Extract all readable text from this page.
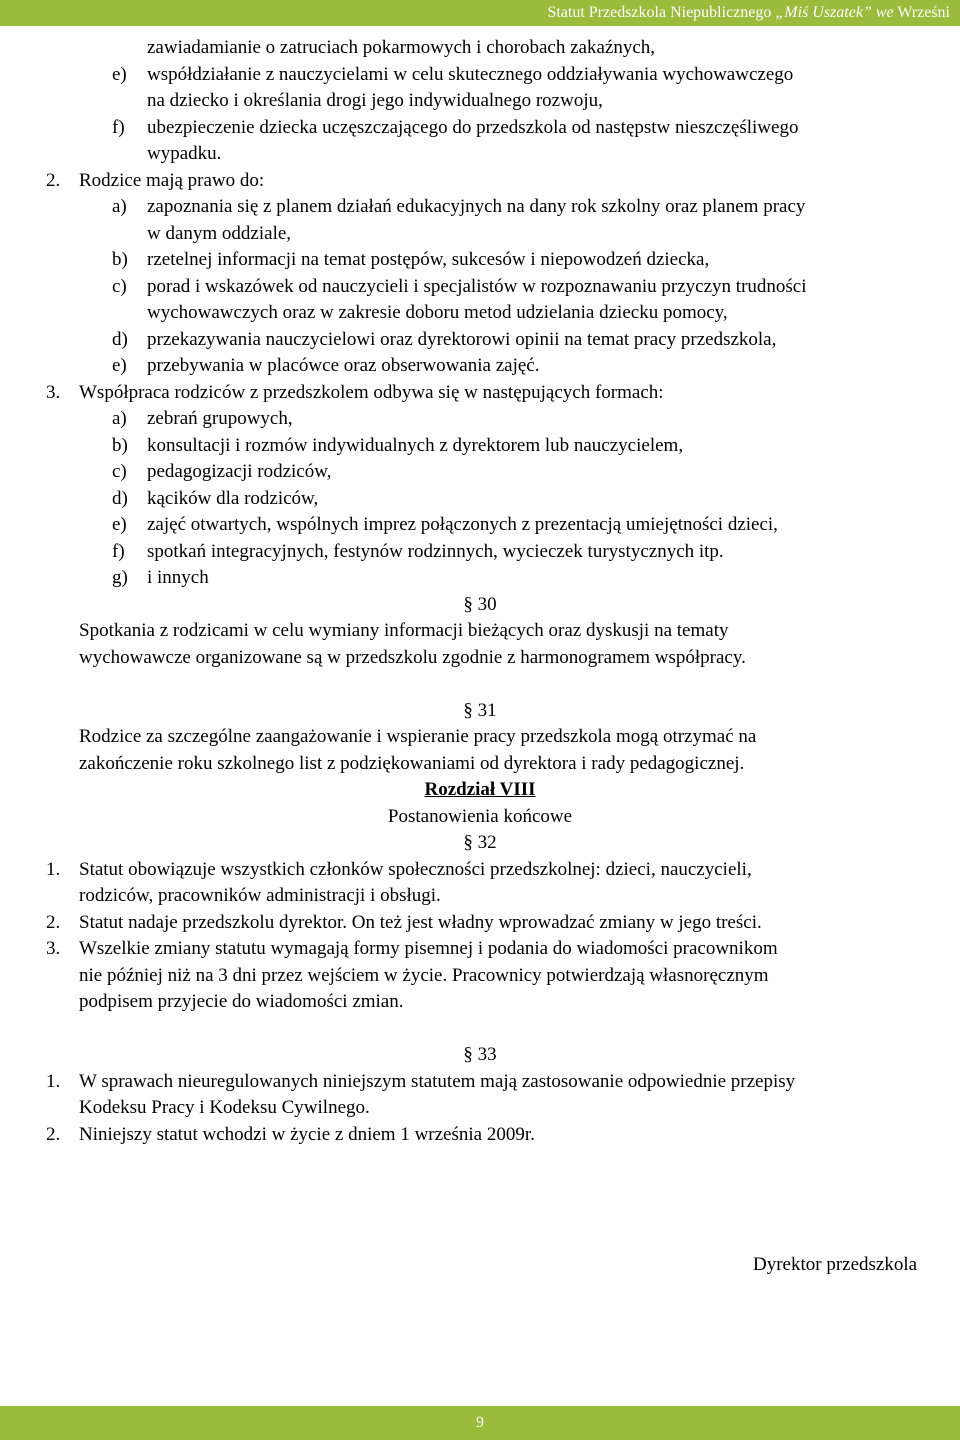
Statut Przedszkola Niepublicznego „Miś Uszatek” we Wrześni
zawiadamianie o zatruciach pokarmowych i chorobach zakaźnych,
e) współdziałanie z nauczycielami w celu skutecznego oddziaływania wychowawczego
na dziecko i określania drogi jego indywidualnego rozwoju,
f) ubezpieczenie dziecka uczęszczającego do przedszkola od następstw nieszczęśliwego
wypadku.
2. Rodzice mają prawo do:
a) zapoznania się z planem działań edukacyjnych na dany rok szkolny oraz planem pracy
w danym oddziale,
b) rzetelnej informacji na temat postępów, sukcesów i niepowodzeń dziecka,
c) porad i wskazówek od nauczycieli i specjalistów w rozpoznawaniu przyczyn trudności
wychowawczych oraz w zakresie doboru metod udzielania dziecku pomocy,
d) przekazywania nauczycielowi oraz dyrektorowi opinii na temat pracy przedszkola,
e) przebywania w placówce oraz obserwowania zajęć.
3. Współpraca rodziców z przedszkolem odbywa się w następujących formach:
a) zebrań grupowych,
b) konsultacji i rozmów indywidualnych z dyrektorem lub nauczycielem,
c) pedagogizacji rodziców,
d) kącików dla rodziców,
e) zajęć otwartych, wspólnych imprez połączonych z prezentacją umiejętności dzieci,
f) spotkań integracyjnych, festynów rodzinnych, wycieczek turystycznych itp.
g) i innych
§ 30
Spotkania z rodzicami w celu wymiany informacji bieżących oraz dyskusji na tematy
wychowawcze organizowane są w przedszkolu zgodnie z harmonogramem współpracy.
§ 31
Rodzice za szczególne zaangażowanie i wspieranie pracy przedszkola mogą otrzymać na
zakończenie roku szkolnego list z podziękowaniami od dyrektora i rady pedagogicznej.
Rozdział VIII
Postanowienia końcowe
§ 32
1. Statut obowiązuje wszystkich członków społeczności przedszkolnej: dzieci, nauczycieli,
rodziców, pracowników administracji i obsługi.
2. Statut nadaje przedszkolu dyrektor. On też jest władny wprowadzać zmiany w jego treści.
3. Wszelkie zmiany statutu wymagają formy pisemnej i podania do wiadomości pracownikom
nie później niż na 3 dni przez wejściem w życie. Pracownicy potwierdzają własnoręcznym
podpisem przyjecie do wiadomości zmian.
§ 33
1. W sprawach nieuregulowanych niniejszym statutem mają zastosowanie odpowiednie przepisy
Kodeksu Pracy i Kodeksu Cywilnego.
2. Niniejszy statut wchodzi w życie z dniem 1 września 2009r.
Dyrektor przedszkola
9
